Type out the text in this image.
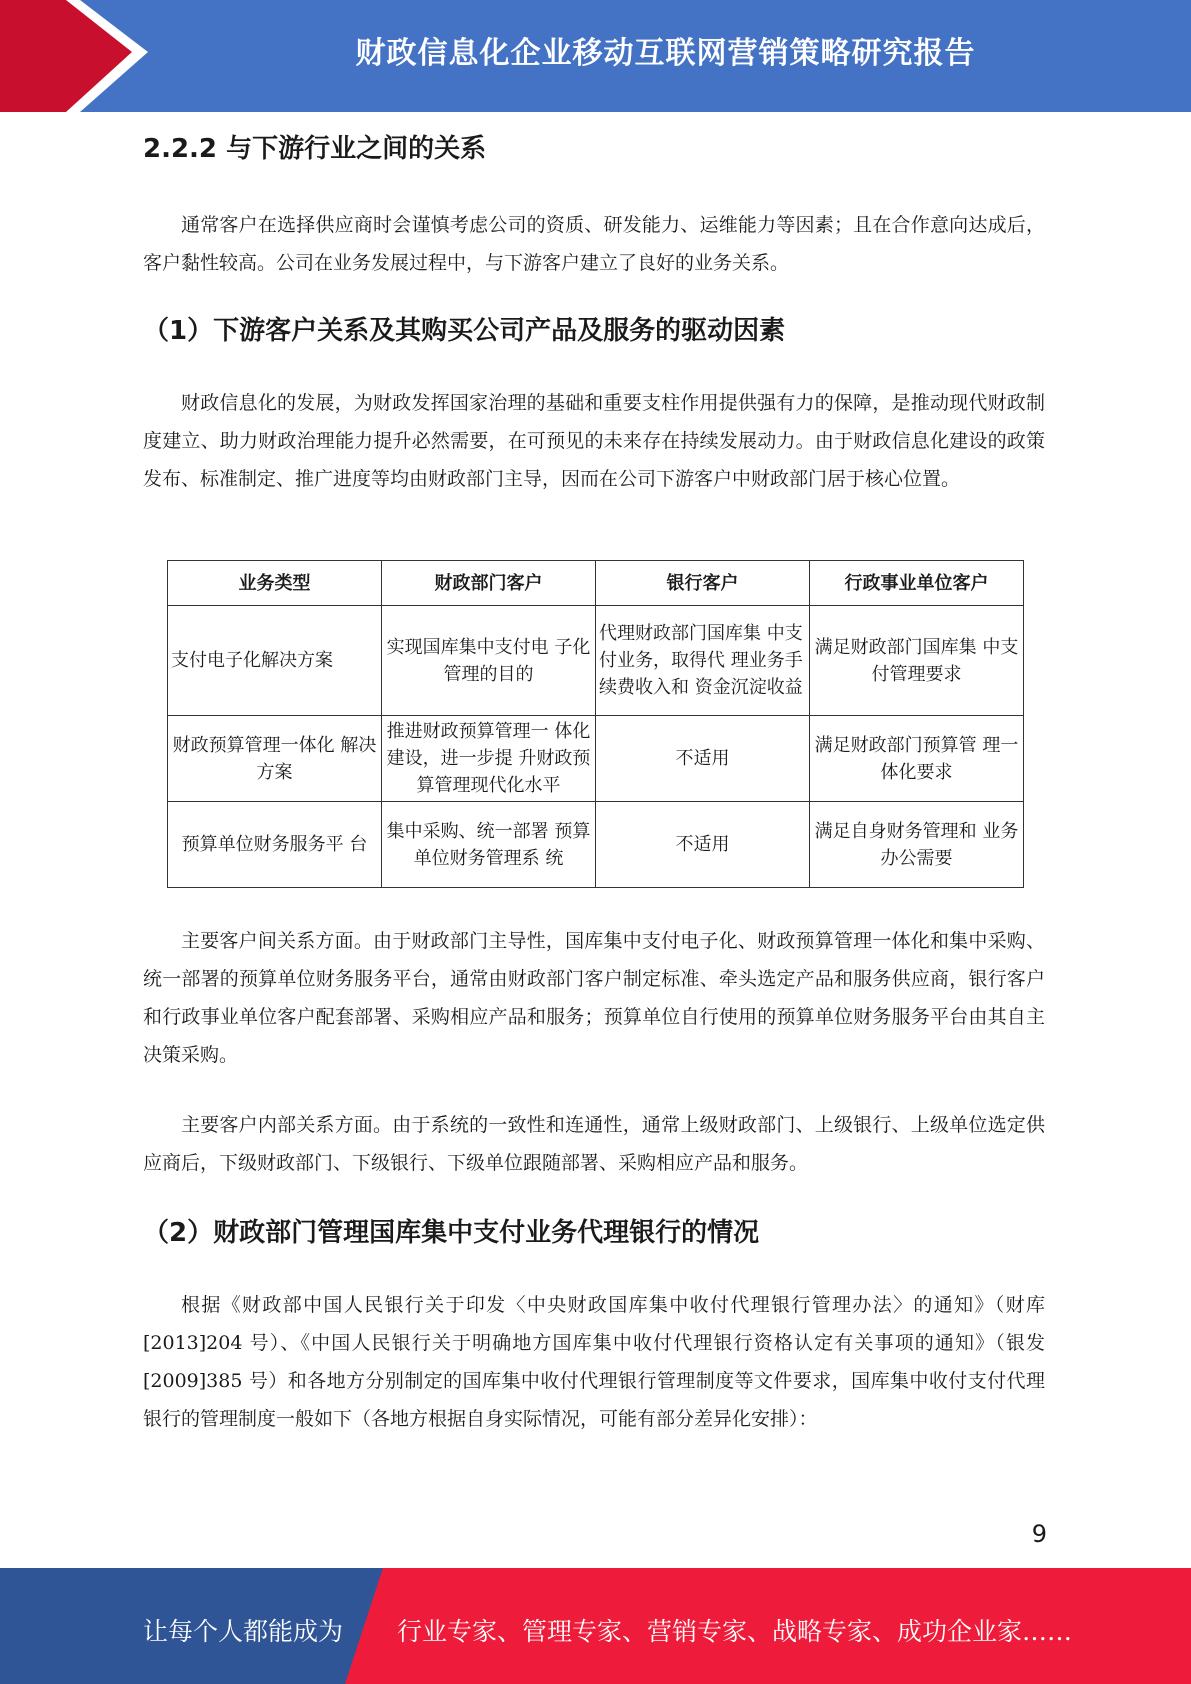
财政信息化企业移动互联网营销策略研究报告
2.2.2 与下游行业之间的关系

通常客户在选择供应商时会谨慎考虑公司的资质、研发能力、运维能力等因素；且在合作意向达成后，客户黏性较高。公司在业务发展过程中，与下游客户建立了良好的业务关系。

（1）下游客户关系及其购买公司产品及服务的驱动因素

财政信息化的发展，为财政发挥国家治理的基础和重要支柱作用提供强有力的保障，是推动现代财政制度建立、助力财政治理能力提升必然需要，在可预见的未来存在持续发展动力。由于财政信息化建设的政策发布、标准制定、推广进度等均由财政部门主导，因而在公司下游客户中财政部门居于核心位置。

业务类型	财政部门客户	银行客户	行政事业单位客户
支付电子化解决方案	实现国库集中支付电 子化管理的目的	代理财政部门国库集 中支付业务，取得代 理业务手续费收入和 资金沉淀收益	满足财政部门国库集 中支付管理要求
财政预算管理一体化 解决方案	推进财政预算管理一 体化建设，进一步提 升财政预算管理现代化水平	不适用	满足财政部门预算管 理一体化要求
预算单位财务服务平 台	集中采购、统一部署 预算单位财务管理系 统	不适用	满足自身财务管理和 业务办公需要

主要客户间关系方面。由于财政部门主导性，国库集中支付电子化、财政预算管理一体化和集中采购、统一部署的预算单位财务服务平台，通常由财政部门客户制定标准、牵头选定产品和服务供应商，银行客户和行政事业单位客户配套部署、采购相应产品和服务；预算单位自行使用的预算单位财务服务平台由其自主决策采购。

主要客户内部关系方面。由于系统的一致性和连通性，通常上级财政部门、上级银行、上级单位选定供应商后，下级财政部门、下级银行、下级单位跟随部署、采购相应产品和服务。

（2）财政部门管理国库集中支付业务代理银行的情况

根据《财政部中国人民银行关于印发〈中央财政国库集中收付代理银行管理办法〉的通知》（财库[2013]204 号）、《中国人民银行关于明确地方国库集中收付代理银行资格认定有关事项的通知》（银发[2009]385 号）和各地方分别制定的国库集中收付代理银行管理制度等文件要求，国库集中收付支付代理银行的管理制度一般如下（各地方根据自身实际情况，可能有部分差异化安排）：

9
让每个人都能成为 行业专家、管理专家、营销专家、战略专家、成功企业家……
